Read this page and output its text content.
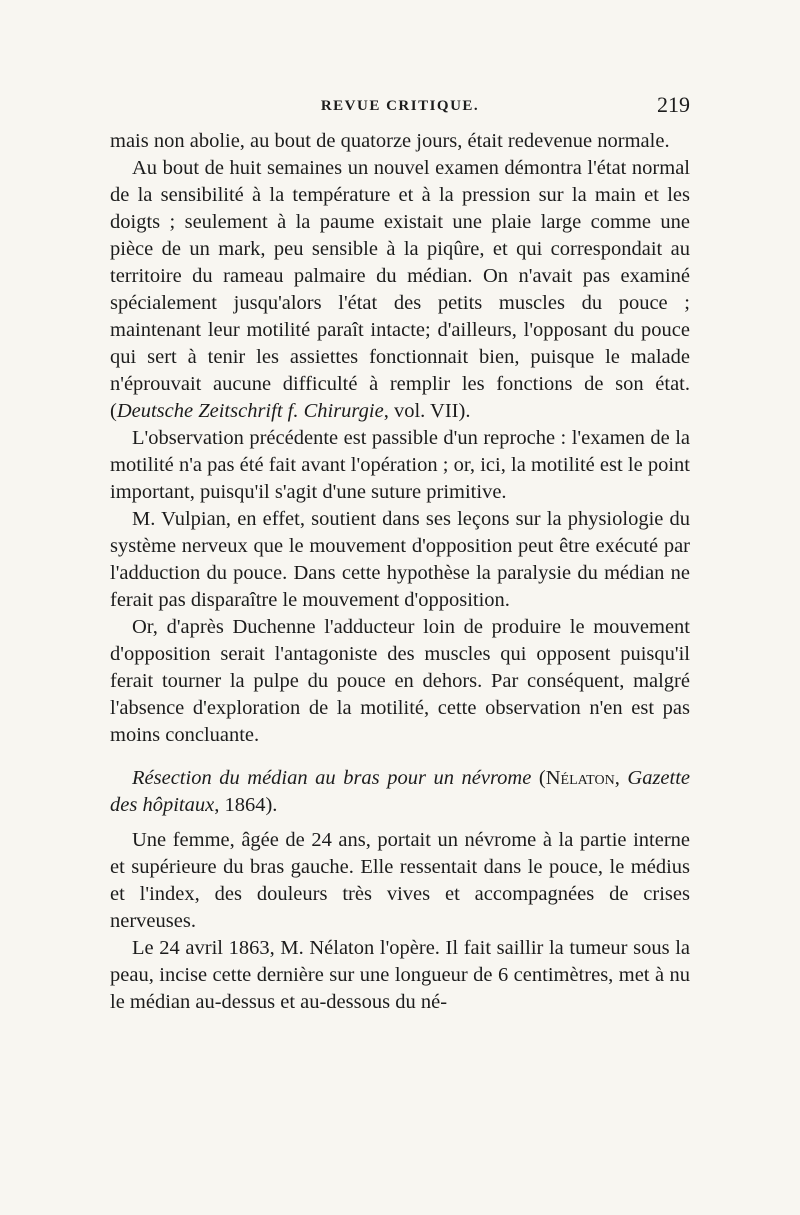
REVUE CRITIQUE.	219

mais non abolie, au bout de quatorze jours, était redevenue normale.

Au bout de huit semaines un nouvel examen démontra l'état normal de la sensibilité à la température et à la pression sur la main et les doigts ; seulement à la paume existait une plaie large comme une pièce de un mark, peu sensible à la piqûre, et qui correspondait au territoire du rameau palmaire du médian. On n'avait pas examiné spécialement jusqu'alors l'état des petits muscles du pouce ; maintenant leur motilité paraît intacte; d'ailleurs, l'opposant du pouce qui sert à tenir les assiettes fonctionnait bien, puisque le malade n'éprouvait aucune difficulté à remplir les fonctions de son état. (Deutsche Zeitschrift f. Chirurgie, vol. VII).

L'observation précédente est passible d'un reproche : l'examen de la motilité n'a pas été fait avant l'opération ; or, ici, la motilité est le point important, puisqu'il s'agit d'une suture primitive.

M. Vulpian, en effet, soutient dans ses leçons sur la physiologie du système nerveux que le mouvement d'opposition peut être exécuté par l'adduction du pouce. Dans cette hypothèse la paralysie du médian ne ferait pas disparaître le mouvement d'opposition.

Or, d'après Duchenne l'adducteur loin de produire le mouvement d'opposition serait l'antagoniste des muscles qui opposent puisqu'il ferait tourner la pulpe du pouce en dehors. Par conséquent, malgré l'absence d'exploration de la motilité, cette observation n'en est pas moins concluante.

Résection du médian au bras pour un névrome (Nélaton, Gazette des hôpitaux, 1864).

Une femme, âgée de 24 ans, portait un névrome à la partie interne et supérieure du bras gauche. Elle ressentait dans le pouce, le médius et l'index, des douleurs très vives et accompagnées de crises nerveuses.

Le 24 avril 1863, M. Nélaton l'opère. Il fait saillir la tumeur sous la peau, incise cette dernière sur une longueur de 6 centimètres, met à nu le médian au-dessus et au-dessous du né-
